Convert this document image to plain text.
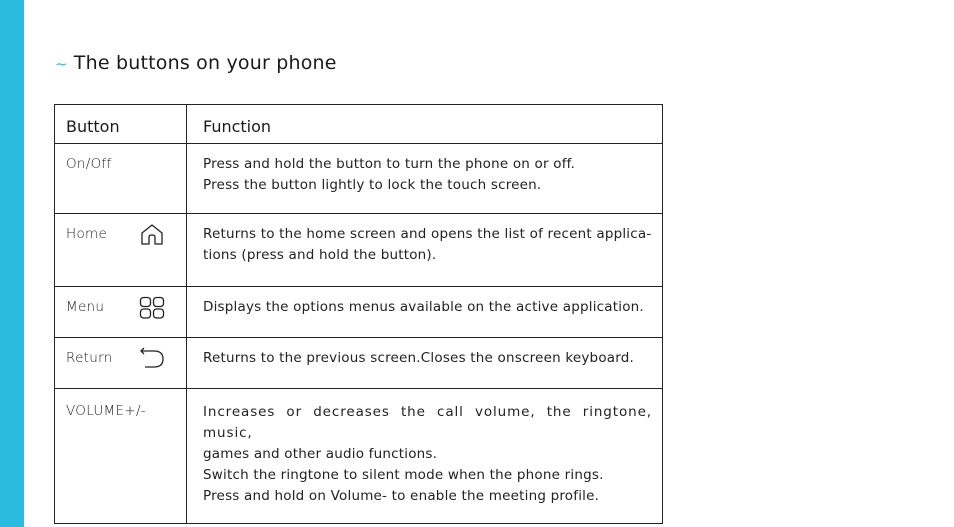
~ The buttons on your phone
Button	Function

On/Off	Press and hold the button to turn the phone on or off.
Press the button lightly to lock the touch screen.

Home	Returns to the home screen and opens the list of recent applica-
tions (press and hold the button).

Menu	Displays the options menus available on the active application.

Return	Returns to the previous screen.Closes the onscreen keyboard.

VOLUME+/-	Increases or decreases the call volume, the ringtone, music,
games and other audio functions.
Switch the ringtone to silent mode when the phone rings.
Press and hold on Volume- to enable the meeting profile.
